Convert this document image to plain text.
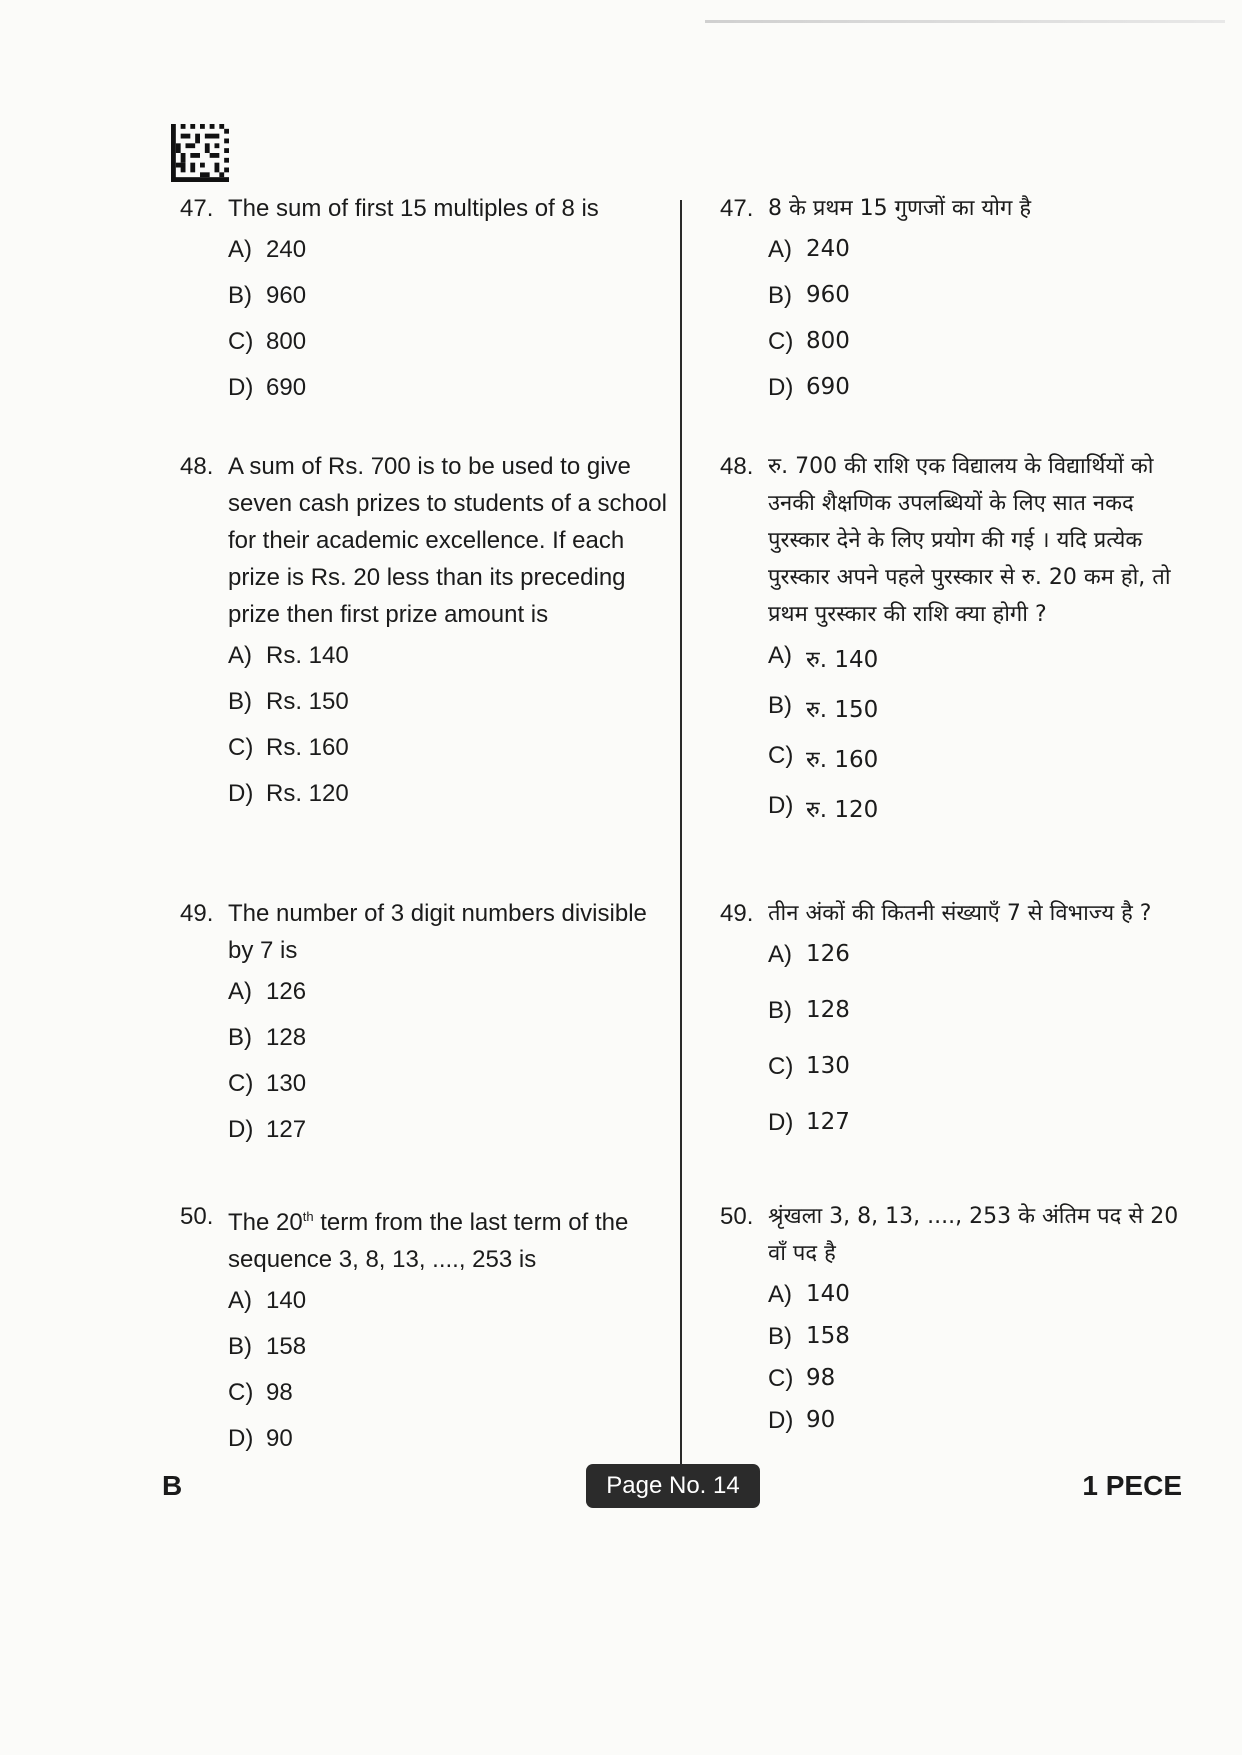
47. The sum of first 15 multiples of 8 is
A) 240
B) 960
C) 800
D) 690
48. A sum of Rs. 700 is to be used to give seven cash prizes to students of a school for their academic excellence. If each prize is Rs. 20 less than its preceding prize then first prize amount is
A) Rs. 140
B) Rs. 150
C) Rs. 160
D) Rs. 120
49. The number of 3 digit numbers divisible by 7 is
A) 126
B) 128
C) 130
D) 127
50. The 20th term from the last term of the sequence 3, 8, 13, ...., 253 is
A) 140
B) 158
C) 98
D) 90
47. 8 के प्रथम 15 गुणजों का योग है
A) 240
B) 960
C) 800
D) 690
48. रु. 700 की राशि एक विद्यालय के विद्यार्थियों को उनकी शैक्षणिक उपलब्धियों के लिए सात नकद पुरस्कार देने के लिए प्रयोग की गई । यदि प्रत्येक पुरस्कार अपने पहले पुरस्कार से रु. 20 कम हो, तो प्रथम पुरस्कार की राशि क्या होगी ?
A) रु. 140
B) रु. 150
C) रु. 160
D) रु. 120
49. तीन अंकों की कितनी संख्याएँ 7 से विभाज्य है ?
A) 126
B) 128
C) 130
D) 127
50. श्रृंखला 3, 8, 13, ...., 253 के अंतिम पद से 20 वाँ पद है
A) 140
B) 158
C) 98
D) 90
B	Page No. 14	1 PECE
